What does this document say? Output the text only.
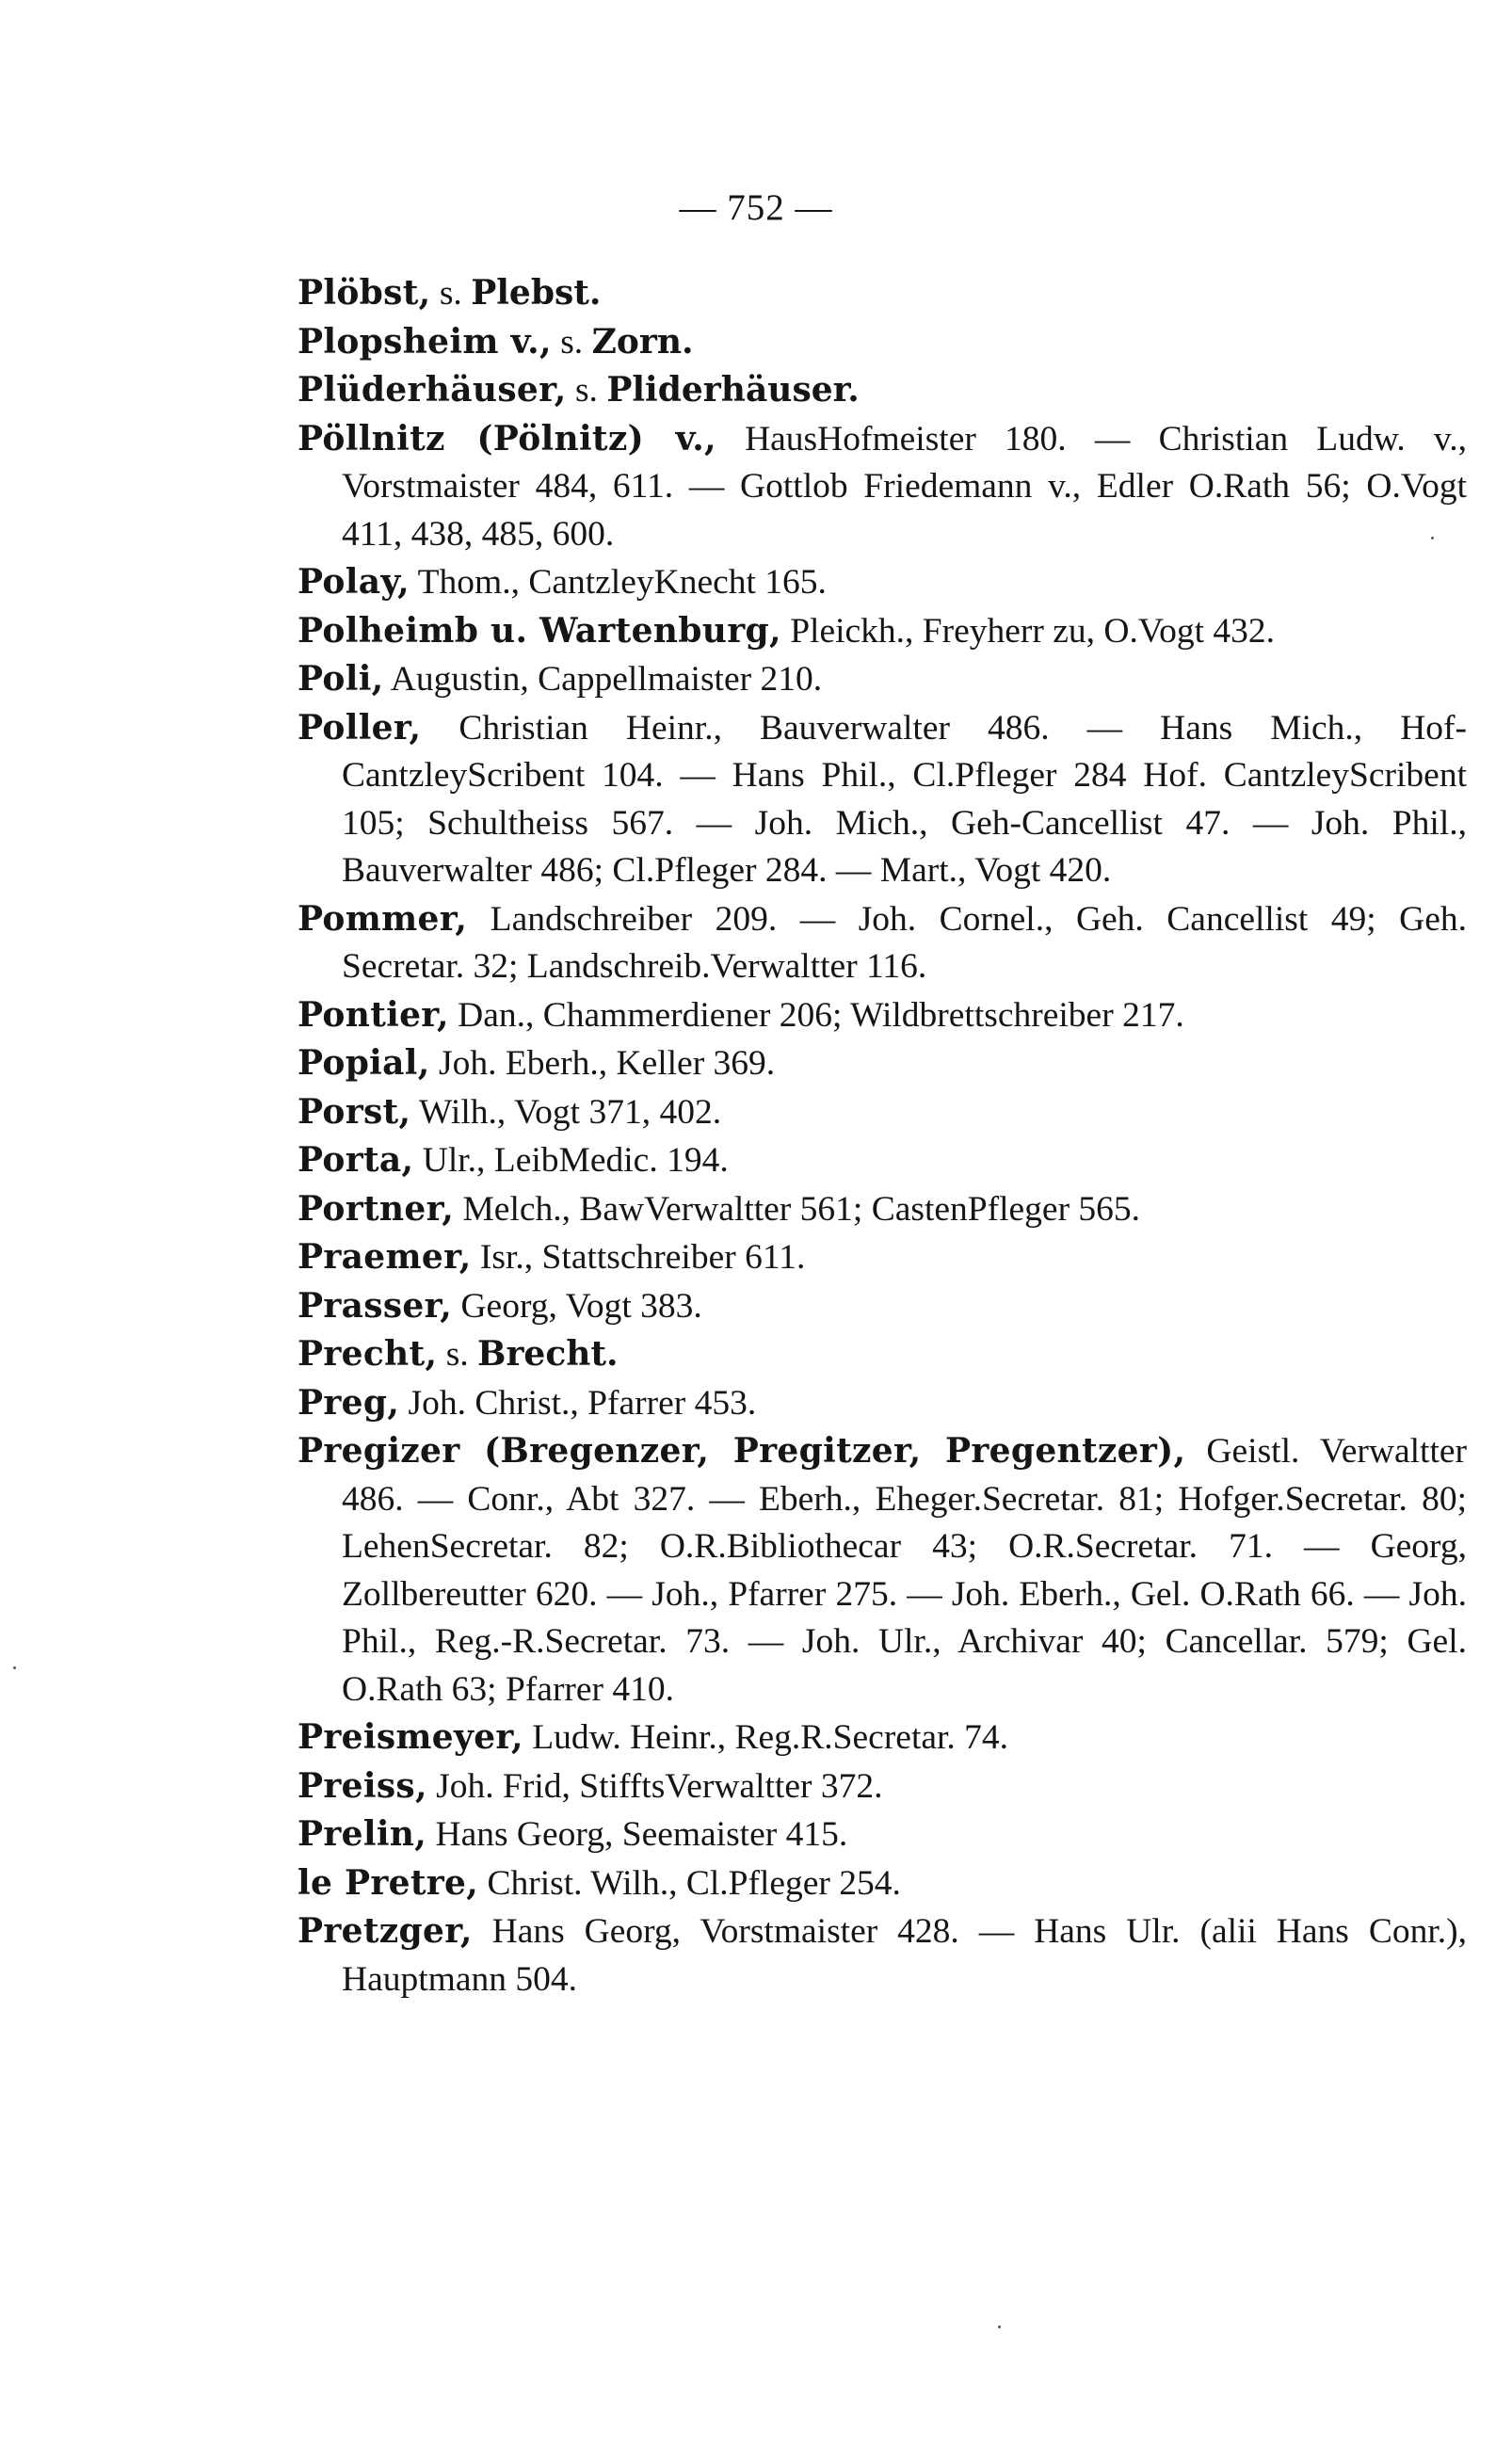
— 752 —

Plöbst, s. Plebst.

Plopsheim v., s. Zorn.

Plüderhäuser, s. Pliderhäuser.

Pöllnitz (Pölnitz) v., HausHofmeister 180. — Christian Ludw. v., Vorstmaister 484, 611. — Gottlob Friedemann v., Edler O.Rath 56; O.Vogt 411, 438, 485, 600.

Polay, Thom., CantzleyKnecht 165.

Polheimb u. Wartenburg, Pleickh., Freyherr zu, O.Vogt 432.

Poli, Augustin, Cappellmaister 210.

Poller, Christian Heinr., Bauverwalter 486. — Hans Mich., Hof-CantzleyScribent 104. — Hans Phil., Cl.Pfleger 284 Hof. CantzleyScribent 105; Schultheiss 567. — Joh. Mich., Geh-Cancellist 47. — Joh. Phil., Bauverwalter 486; Cl.Pfleger 284. — Mart., Vogt 420.

Pommer, Landschreiber 209. — Joh. Cornel., Geh. Cancellist 49; Geh. Secretar. 32; Landschreib.Verwaltter 116.

Pontier, Dan., Chammerdiener 206; Wildbrettschreiber 217.

Popial, Joh. Eberh., Keller 369.

Porst, Wilh., Vogt 371, 402.

Porta, Ulr., LeibMedic. 194.

Portner, Melch., BawVerwaltter 561; CastenPfleger 565.

Praemer, Isr., Stattschreiber 611.

Prasser, Georg, Vogt 383.

Precht, s. Brecht.

Preg, Joh. Christ., Pfarrer 453.

Pregizer (Bregenzer, Pregitzer, Pregentzer), Geistl. Verwaltter 486. — Conr., Abt 327. — Eberh., Eheger.Secretar. 81; Hofger.Secretar. 80; LehenSecretar. 82; O.R.Bibliothecar 43; O.R.Secretar. 71. — Georg, Zollbereutter 620. — Joh., Pfarrer 275. — Joh. Eberh., Gel. O.Rath 66. — Joh. Phil., Reg.-R.Secretar. 73. — Joh. Ulr., Archivar 40; Cancellar. 579; Gel. O.Rath 63; Pfarrer 410.

Preismeyer, Ludw. Heinr., Reg.R.Secretar. 74.

Preiss, Joh. Frid, StifftsVerwaltter 372.

Prelin, Hans Georg, Seemaister 415.

le Pretre, Christ. Wilh., Cl.Pfleger 254.

Pretzger, Hans Georg, Vorstmaister 428. — Hans Ulr. (alii Hans Conr.), Hauptmann 504.
